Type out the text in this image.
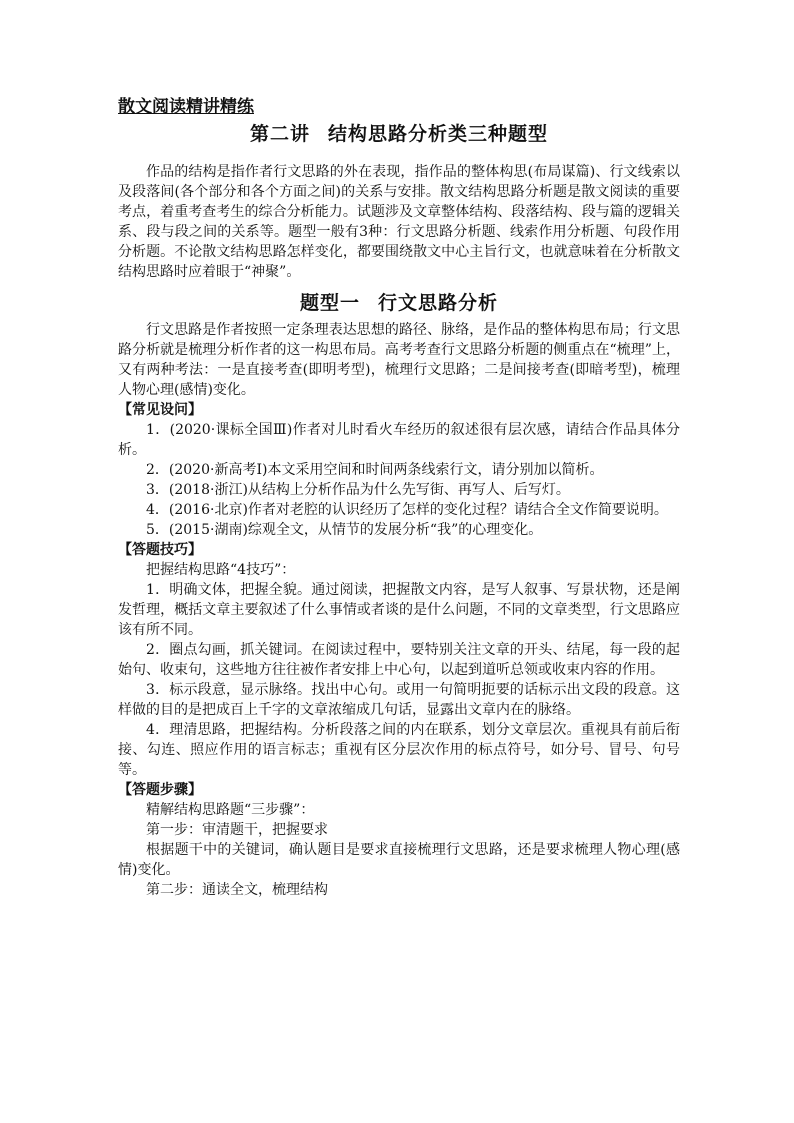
散文阅读精讲精练
第二讲 结构思路分析类三种题型

作品的结构是指作者行文思路的外在表现，指作品的整体构思(布局谋篇)、行文线索以及段落间(各个部分和各个方面之间)的关系与安排。散文结构思路分析题是散文阅读的重要考点，着重考查考生的综合分析能力。试题涉及文章整体结构、段落结构、段与篇的逻辑关系、段与段之间的关系等。题型一般有3种：行文思路分析题、线索作用分析题、句段作用分析题。不论散文结构思路怎样变化，都要围绕散文中心主旨行文，也就意味着在分析散文结构思路时应着眼于“神聚”。

题型一 行文思路分析

行文思路是作者按照一定条理表达思想的路径、脉络，是作品的整体构思布局；行文思路分析就是梳理分析作者的这一构思布局。高考考查行文思路分析题的侧重点在“梳理”上，又有两种考法：一是直接考查(即明考型)，梳理行文思路；二是间接考查(即暗考型)，梳理人物心理(感情)变化。

【常见设问】

1．(2020·课标全国Ⅲ)作者对儿时看火车经历的叙述很有层次感，请结合作品具体分析。

2．(2020·新高考Ⅰ)本文采用空间和时间两条线索行文，请分别加以简析。

3．(2018·浙江)从结构上分析作品为什么先写街、再写人、后写灯。

4．(2016·北京)作者对老腔的认识经历了怎样的变化过程？请结合全文作简要说明。

5．(2015·湖南)综观全文，从情节的发展分析“我”的心理变化。

【答题技巧】

把握结构思路“4技巧”：

1．明确文体，把握全貌。通过阅读，把握散文内容，是写人叙事、写景状物，还是阐发哲理，概括文章主要叙述了什么事情或者谈的是什么问题，不同的文章类型，行文思路应该有所不同。

2．圈点勾画，抓关键词。在阅读过程中，要特别关注文章的开头、结尾，每一段的起始句、收束句，这些地方往往被作者安排上中心句，以起到道听总领或收束内容的作用。

3．标示段意，显示脉络。找出中心句。或用一句简明扼要的话标示出文段的段意。这样做的目的是把成百上千字的文章浓缩成几句话，显露出文章内在的脉络。

4．理清思路，把握结构。分析段落之间的内在联系，划分文章层次。重视具有前后衔接、勾连、照应作用的语言标志；重视有区分层次作用的标点符号，如分号、冒号、句号等。

【答题步骤】

精解结构思路题“三步骤”：

第一步：审清题干，把握要求

根据题干中的关键词，确认题目是要求直接梳理行文思路，还是要求梳理人物心理(感情)变化。

第二步：通读全文，梳理结构
